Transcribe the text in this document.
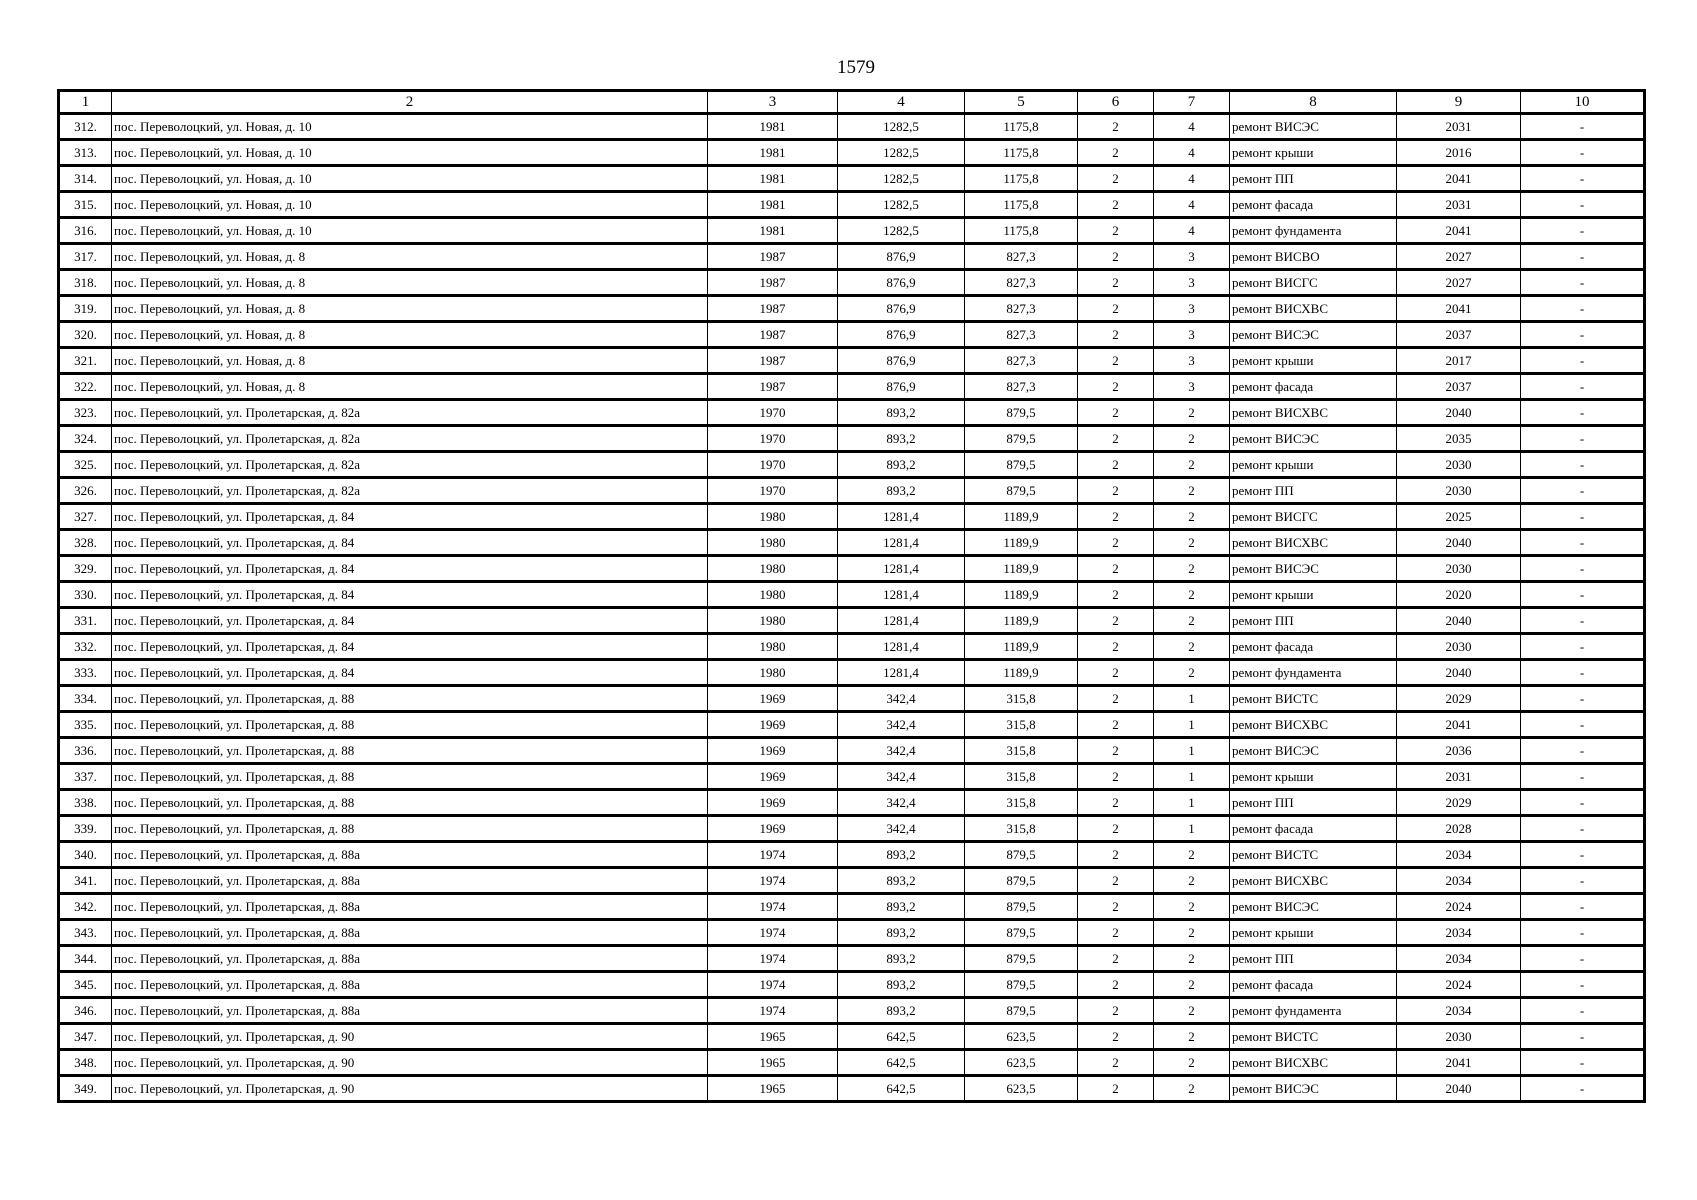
1579
1	2	3	4	5	6	7	8	9	10
312.	пос. Переволоцкий, ул. Новая, д. 10	1981	1282,5	1175,8	2	4	ремонт ВИСЭС	2031	-
313.	пос. Переволоцкий, ул. Новая, д. 10	1981	1282,5	1175,8	2	4	ремонт крыши	2016	-
314.	пос. Переволоцкий, ул. Новая, д. 10	1981	1282,5	1175,8	2	4	ремонт ПП	2041	-
315.	пос. Переволоцкий, ул. Новая, д. 10	1981	1282,5	1175,8	2	4	ремонт фасада	2031	-
316.	пос. Переволоцкий, ул. Новая, д. 10	1981	1282,5	1175,8	2	4	ремонт фундамента	2041	-
317.	пос. Переволоцкий, ул. Новая, д. 8	1987	876,9	827,3	2	3	ремонт ВИСВО	2027	-
318.	пос. Переволоцкий, ул. Новая, д. 8	1987	876,9	827,3	2	3	ремонт ВИСГС	2027	-
319.	пос. Переволоцкий, ул. Новая, д. 8	1987	876,9	827,3	2	3	ремонт ВИСХВС	2041	-
320.	пос. Переволоцкий, ул. Новая, д. 8	1987	876,9	827,3	2	3	ремонт ВИСЭС	2037	-
321.	пос. Переволоцкий, ул. Новая, д. 8	1987	876,9	827,3	2	3	ремонт крыши	2017	-
322.	пос. Переволоцкий, ул. Новая, д. 8	1987	876,9	827,3	2	3	ремонт фасада	2037	-
323.	пос. Переволоцкий, ул. Пролетарская, д. 82а	1970	893,2	879,5	2	2	ремонт ВИСХВС	2040	-
324.	пос. Переволоцкий, ул. Пролетарская, д. 82а	1970	893,2	879,5	2	2	ремонт ВИСЭС	2035	-
325.	пос. Переволоцкий, ул. Пролетарская, д. 82а	1970	893,2	879,5	2	2	ремонт крыши	2030	-
326.	пос. Переволоцкий, ул. Пролетарская, д. 82а	1970	893,2	879,5	2	2	ремонт ПП	2030	-
327.	пос. Переволоцкий, ул. Пролетарская, д. 84	1980	1281,4	1189,9	2	2	ремонт ВИСГС	2025	-
328.	пос. Переволоцкий, ул. Пролетарская, д. 84	1980	1281,4	1189,9	2	2	ремонт ВИСХВС	2040	-
329.	пос. Переволоцкий, ул. Пролетарская, д. 84	1980	1281,4	1189,9	2	2	ремонт ВИСЭС	2030	-
330.	пос. Переволоцкий, ул. Пролетарская, д. 84	1980	1281,4	1189,9	2	2	ремонт крыши	2020	-
331.	пос. Переволоцкий, ул. Пролетарская, д. 84	1980	1281,4	1189,9	2	2	ремонт ПП	2040	-
332.	пос. Переволоцкий, ул. Пролетарская, д. 84	1980	1281,4	1189,9	2	2	ремонт фасада	2030	-
333.	пос. Переволоцкий, ул. Пролетарская, д. 84	1980	1281,4	1189,9	2	2	ремонт фундамента	2040	-
334.	пос. Переволоцкий, ул. Пролетарская, д. 88	1969	342,4	315,8	2	1	ремонт ВИСТС	2029	-
335.	пос. Переволоцкий, ул. Пролетарская, д. 88	1969	342,4	315,8	2	1	ремонт ВИСХВС	2041	-
336.	пос. Переволоцкий, ул. Пролетарская, д. 88	1969	342,4	315,8	2	1	ремонт ВИСЭС	2036	-
337.	пос. Переволоцкий, ул. Пролетарская, д. 88	1969	342,4	315,8	2	1	ремонт крыши	2031	-
338.	пос. Переволоцкий, ул. Пролетарская, д. 88	1969	342,4	315,8	2	1	ремонт ПП	2029	-
339.	пос. Переволоцкий, ул. Пролетарская, д. 88	1969	342,4	315,8	2	1	ремонт фасада	2028	-
340.	пос. Переволоцкий, ул. Пролетарская, д. 88а	1974	893,2	879,5	2	2	ремонт ВИСТС	2034	-
341.	пос. Переволоцкий, ул. Пролетарская, д. 88а	1974	893,2	879,5	2	2	ремонт ВИСХВС	2034	-
342.	пос. Переволоцкий, ул. Пролетарская, д. 88а	1974	893,2	879,5	2	2	ремонт ВИСЭС	2024	-
343.	пос. Переволоцкий, ул. Пролетарская, д. 88а	1974	893,2	879,5	2	2	ремонт крыши	2034	-
344.	пос. Переволоцкий, ул. Пролетарская, д. 88а	1974	893,2	879,5	2	2	ремонт ПП	2034	-
345.	пос. Переволоцкий, ул. Пролетарская, д. 88а	1974	893,2	879,5	2	2	ремонт фасада	2024	-
346.	пос. Переволоцкий, ул. Пролетарская, д. 88а	1974	893,2	879,5	2	2	ремонт фундамента	2034	-
347.	пос. Переволоцкий, ул. Пролетарская, д. 90	1965	642,5	623,5	2	2	ремонт ВИСТС	2030	-
348.	пос. Переволоцкий, ул. Пролетарская, д. 90	1965	642,5	623,5	2	2	ремонт ВИСХВС	2041	-
349.	пос. Переволоцкий, ул. Пролетарская, д. 90	1965	642,5	623,5	2	2	ремонт ВИСЭС	2040	-
